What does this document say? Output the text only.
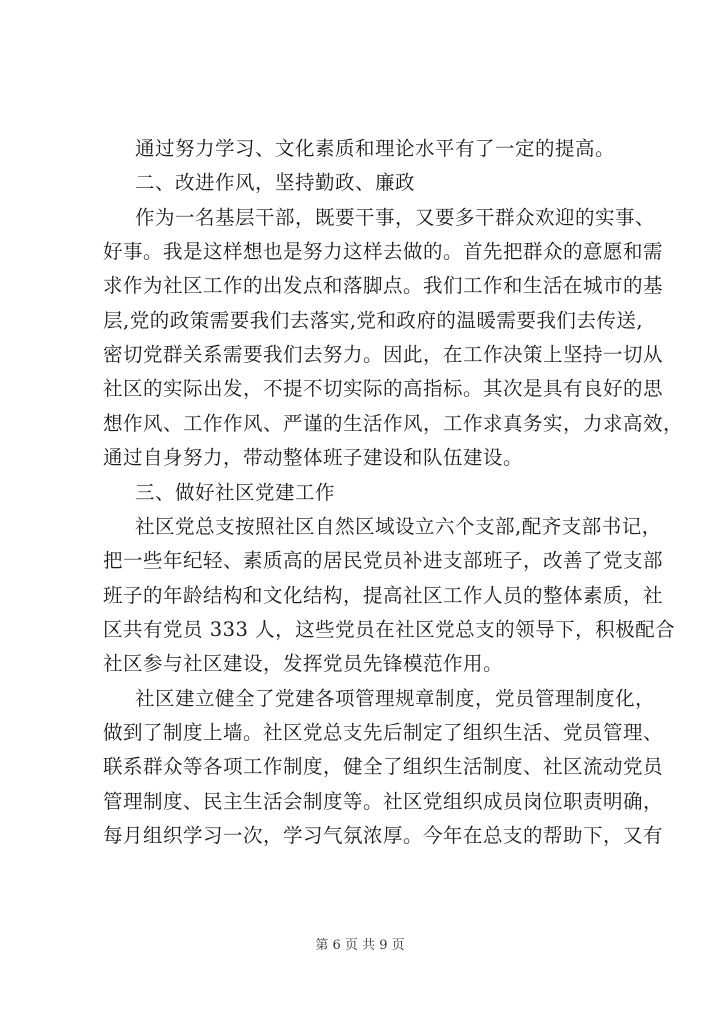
通过努力学习、文化素质和理论水平有了一定的提高。
二、改进作风，坚持勤政、廉政
作为一名基层干部，既要干事，又要多干群众欢迎的实事、
好事。我是这样想也是努力这样去做的。首先把群众的意愿和需
求作为社区工作的出发点和落脚点。我们工作和生活在城市的基
层,党的政策需要我们去落实,党和政府的温暖需要我们去传送,
密切党群关系需要我们去努力。因此，在工作决策上坚持一切从
社区的实际出发，不提不切实际的高指标。其次是具有良好的思
想作风、工作作风、严谨的生活作风，工作求真务实，力求高效，
通过自身努力，带动整体班子建设和队伍建设。
三、做好社区党建工作
社区党总支按照社区自然区域设立六个支部,配齐支部书记，
把一些年纪轻、素质高的居民党员补进支部班子，改善了党支部
班子的年龄结构和文化结构，提高社区工作人员的整体素质，社
区共有党员 333 人，这些党员在社区党总支的领导下，积极配合
社区参与社区建设，发挥党员先锋模范作用。
社区建立健全了党建各项管理规章制度，党员管理制度化，
做到了制度上墙。社区党总支先后制定了组织生活、党员管理、
联系群众等各项工作制度，健全了组织生活制度、社区流动党员
管理制度、民主生活会制度等。社区党组织成员岗位职责明确，
每月组织学习一次，学习气氛浓厚。今年在总支的帮助下，又有
第 6 页 共 9 页
